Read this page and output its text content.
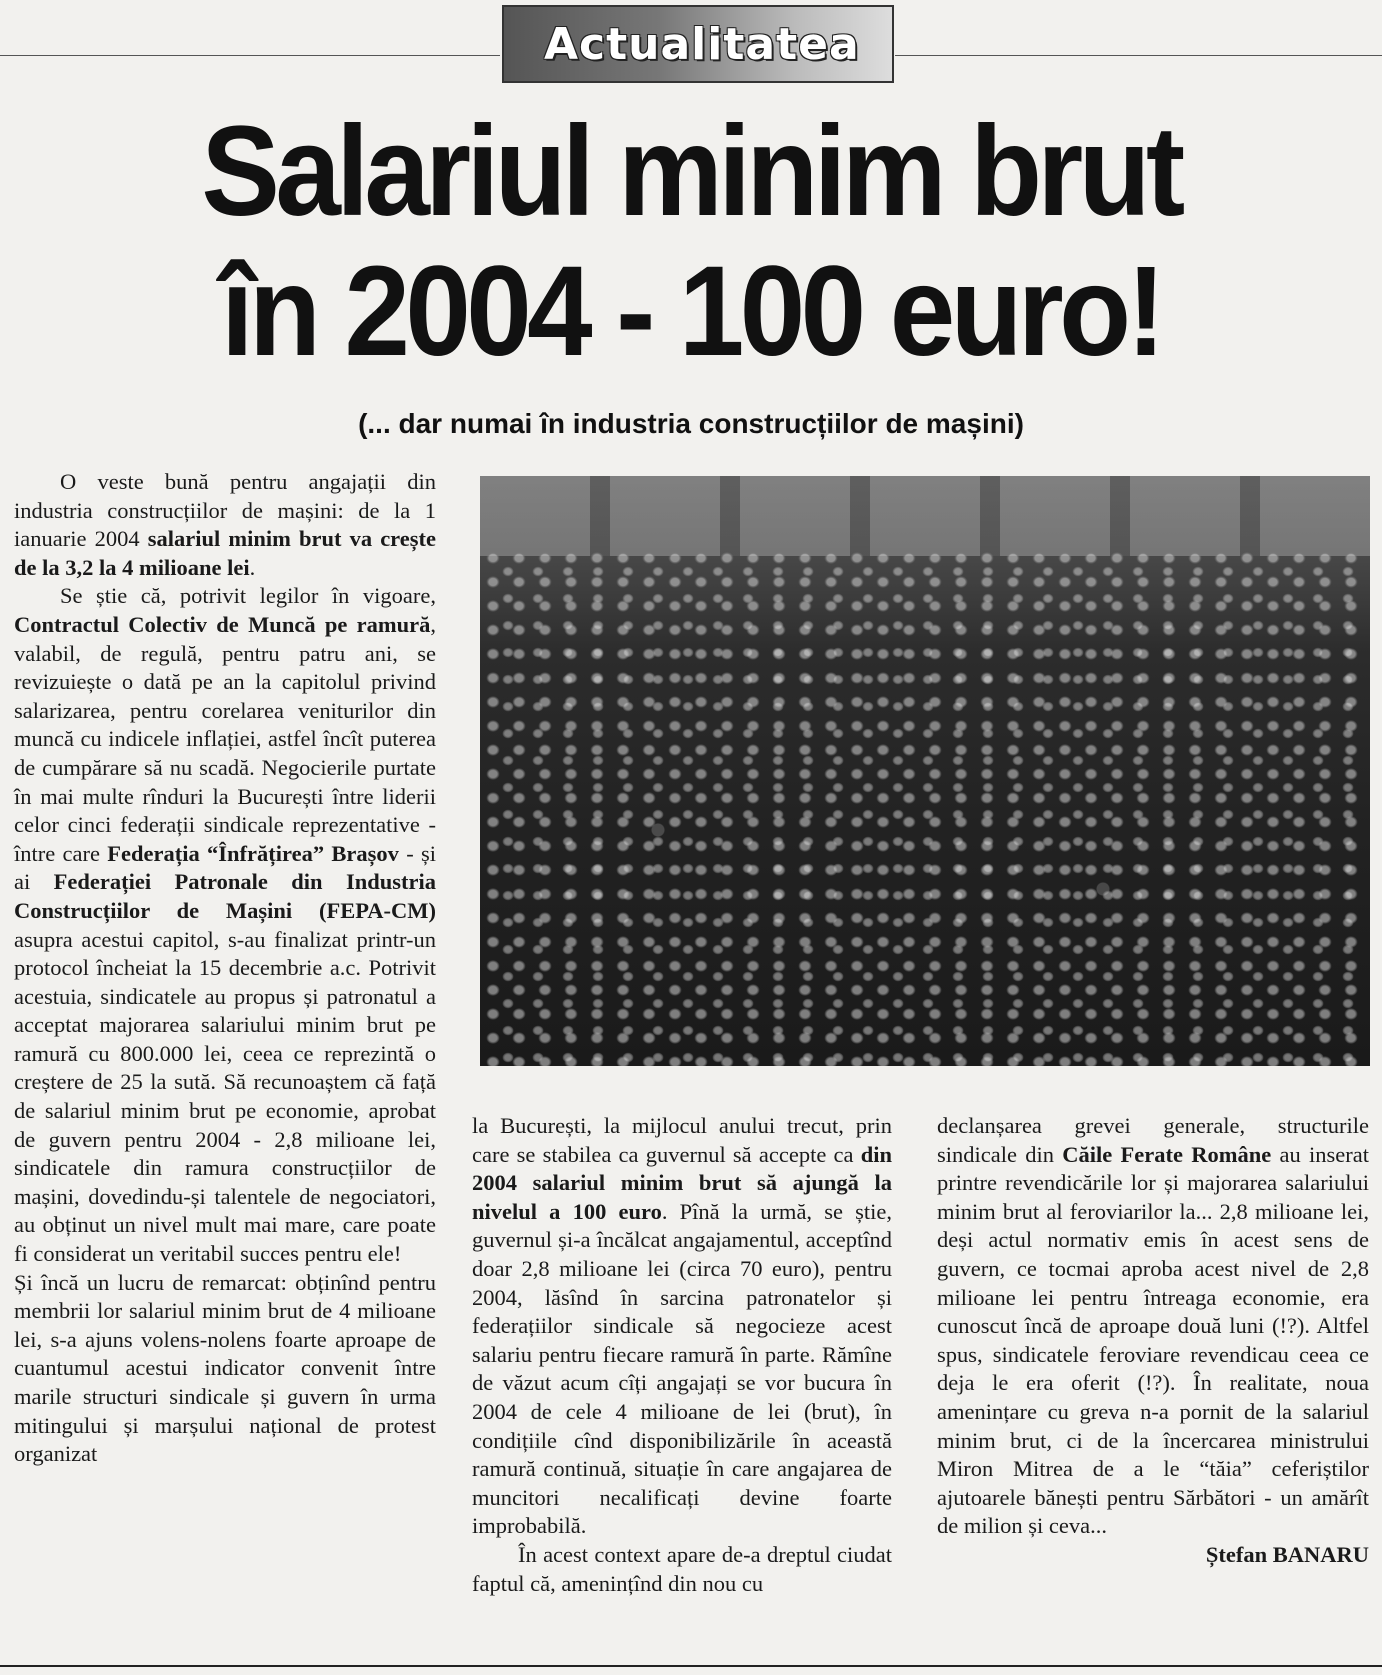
Actualitatea
Salariul minim brut
în 2004 - 100 euro!
(... dar numai în industria construcțiilor de mașini)

O veste bună pentru angajații din industria construcțiilor de mașini: de la 1 ianuarie 2004 salariul minim brut va crește de la 3,2 la 4 milioane lei.

Se știe că, potrivit legilor în vigoare, Contractul Colectiv de Muncă pe ramură, valabil, de regulă, pentru patru ani, se revizuiește o dată pe an la capitolul privind salarizarea, pentru corelarea veniturilor din muncă cu indicele inflației, astfel încît puterea de cumpărare să nu scadă. Negocierile purtate în mai multe rînduri la București între liderii celor cinci federații sindicale reprezentative - între care Federația “Înfrățirea” Brașov - și ai Federației Patronale din Industria Construcțiilor de Mașini (FEPA-CM) asupra acestui capitol, s-au finalizat printr-un protocol încheiat la 15 decembrie a.c. Potrivit acestuia, sindicatele au propus și patronatul a acceptat majorarea salariului minim brut pe ramură cu 800.000 lei, ceea ce reprezintă o creștere de 25 la sută. Să recunoaștem că față de salariul minim brut pe economie, aprobat de guvern pentru 2004 - 2,8 milioane lei, sindicatele din ramura construcțiilor de mașini, dovedindu-și talentele de negociatori, au obținut un nivel mult mai mare, care poate fi considerat un veritabil succes pentru ele!

Și încă un lucru de remarcat: obținînd pentru membrii lor salariul minim brut de 4 milioane lei, s-a ajuns volens-nolens foarte aproape de cuantumul acestui indicator convenit între marile structuri sindicale și guvern în urma mitingului și marșului național de protest organizat

la București, la mijlocul anului trecut, prin care se stabilea ca guvernul să accepte ca din 2004 salariul minim brut să ajungă la nivelul a 100 euro. Pînă la urmă, se știe, guvernul și-a încălcat angajamentul, acceptînd doar 2,8 milioane lei (circa 70 euro), pentru 2004, lăsînd în sarcina patronatelor și federațiilor sindicale să negocieze acest salariu pentru fiecare ramură în parte. Rămîne de văzut acum cîți angajați se vor bucura în 2004 de cele 4 milioane de lei (brut), în condițiile cînd disponibilizările în această ramură continuă, situație în care angajarea de muncitori necalificați devine foarte improbabilă.

În acest context apare de-a dreptul ciudat faptul că, amenințînd din nou cu

declanșarea grevei generale, structurile sindicale din Căile Ferate Române au inserat printre revendicările lor și majorarea salariului minim brut al feroviarilor la... 2,8 milioane lei, deși actul normativ emis în acest sens de guvern, ce tocmai aproba acest nivel de 2,8 milioane lei pentru întreaga economie, era cunoscut încă de aproape două luni (!?). Altfel spus, sindicatele feroviare revendicau ceea ce deja le era oferit (!?). În realitate, noua amenințare cu greva n-a pornit de la salariul minim brut, ci de la încercarea ministrului Miron Mitrea de a le “tăia” ceferiștilor ajutoarele bănești pentru Sărbători - un amărît de milion și ceva...

Ștefan BANARU
